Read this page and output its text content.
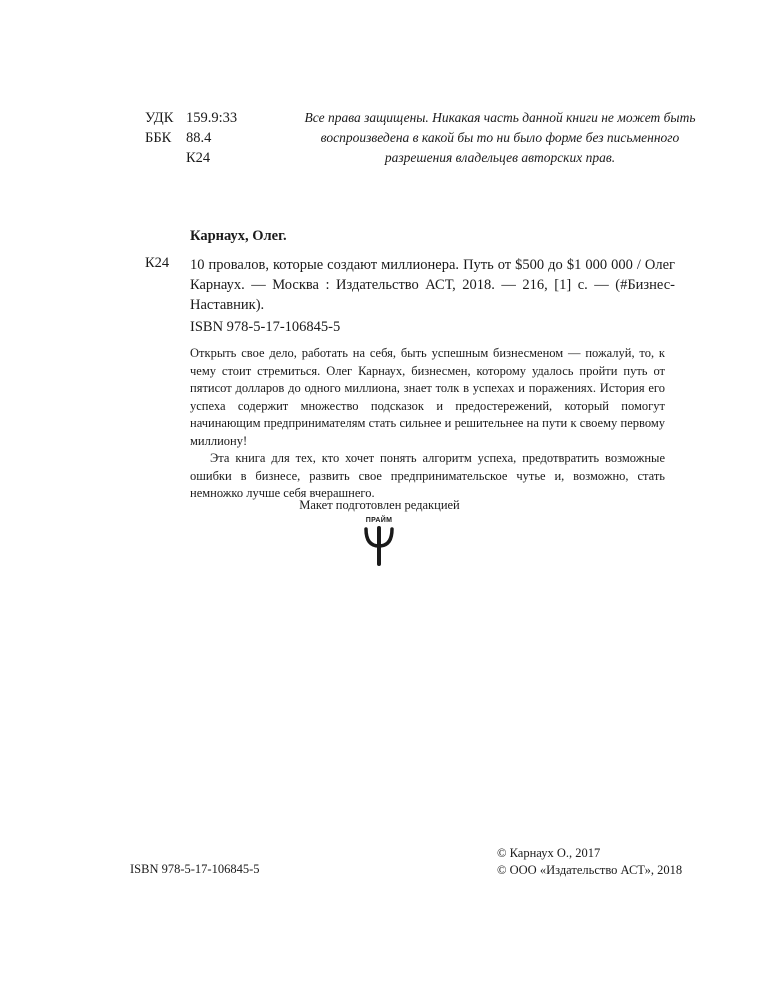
УДК 159.9:33
ББК	88.4
К24
Все права защищены. Никакая часть данной книги не может быть
воспроизведена в какой бы то ни было форме без письменного
разрешения владельцев авторских прав.
Карнаух, Олег.
К24 10 провалов, которые создают миллионера. Путь от $500 до $1 000 000 / Олег Карнаух. — Москва : Издательство АСТ, 2018. — 216, [1] с. — (#Бизнес-Наставник).
ISBN 978-5-17-106845-5

Открыть свое дело, работать на себя, быть успешным бизнесменом — пожалуй, то, к чему стоит стремиться. Олег Карнаух, бизнесмен, которому удалось пройти путь от пятисот долларов до одного миллиона, знает толк в успехах и поражениях. История его успеха содержит множество подсказок и предостережений, который помогут начинающим предпринимателям стать сильнее и решительнее на пути к своему первому миллиону!

Эта книга для тех, кто хочет понять алгоритм успеха, предотвратить возможные ошибки в бизнесе, развить свое предпринимательское чутье и, возможно, стать немножко лучше себя вчерашнего.

Макет подготовлен редакцией
ПРАЙМ
ISBN 978-5-17-106845-5
© Карнаух О., 2017
© ООО «Издательство АСТ», 2018
